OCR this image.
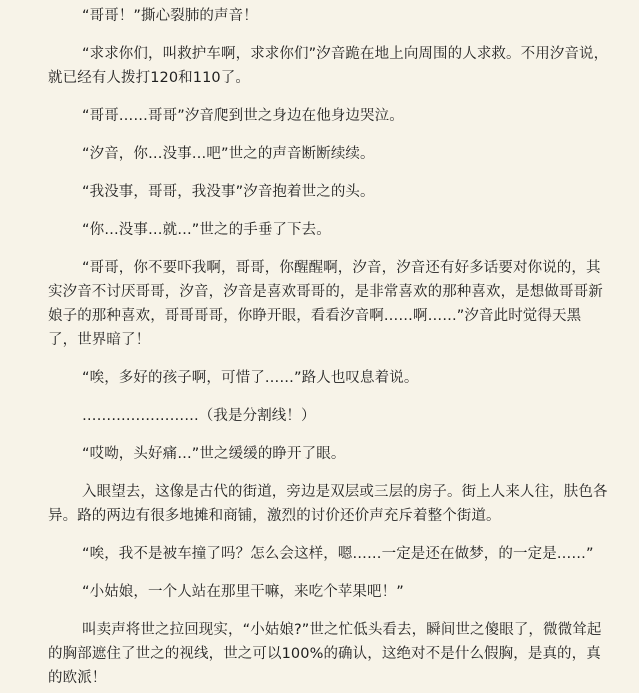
“哥哥！”撕心裂肺的声音！

“求求你们，叫救护车啊，求求你们”汐音跪在地上向周围的人求救。不用汐音说，就已经有人拨打120和110了。

“哥哥……哥哥”汐音爬到世之身边在他身边哭泣。

“汐音，你…没事…吧”世之的声音断断续续。

“我没事，哥哥，我没事”汐音抱着世之的头。

“你…没事…就…”世之的手垂了下去。

“哥哥，你不要吓我啊，哥哥，你醒醒啊，汐音，汐音还有好多话要对你说的，其实汐音不讨厌哥哥，汐音，汐音是喜欢哥哥的，是非常喜欢的那种喜欢，是想做哥哥新娘子的那种喜欢，哥哥哥哥，你睁开眼，看看汐音啊……啊……”汐音此时觉得天黑了，世界暗了！

“唉，多好的孩子啊，可惜了……”路人也叹息着说。

……………………（我是分割线！）

“哎呦，头好痛…”世之缓缓的睁开了眼。

入眼望去，这像是古代的街道，旁边是双层或三层的房子。街上人来人往，肤色各异。路的两边有很多地摊和商铺，激烈的讨价还价声充斥着整个街道。

“唉，我不是被车撞了吗？怎么会这样，嗯……一定是还在做梦，的一定是……”

“小姑娘，一个人站在那里干嘛，来吃个苹果吧！”

叫卖声将世之拉回现实，“小姑娘?”世之忙低头看去，瞬间世之傻眼了，微微耸起的胸部遮住了世之的视线，世之可以100%的确认，这绝对不是什么假胸，是真的，真的欧派！
